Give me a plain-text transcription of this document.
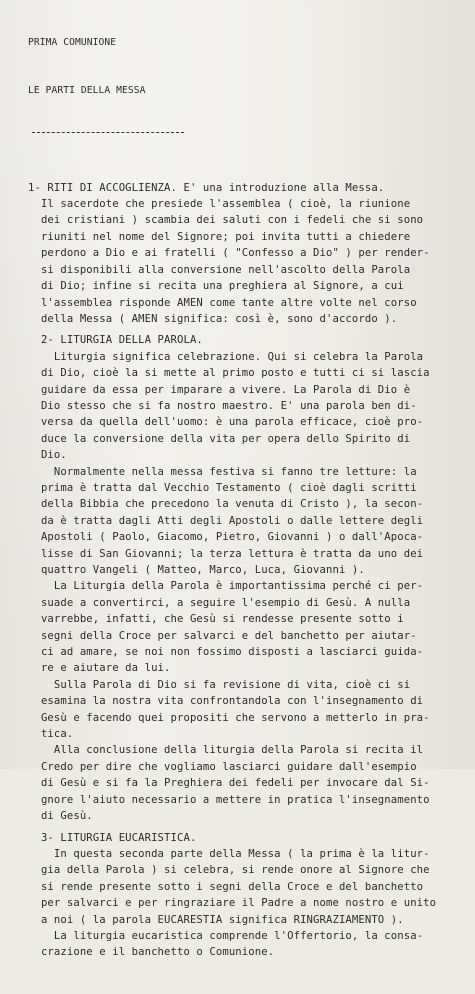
PRIMA COMUNIONE

LE PARTI DELLA MESSA

1- RITI DI ACCOGLIENZA. E' una introduzione alla Messa.
Il sacerdote che presiede l'assemblea ( cioè, la riunione
dei cristiani ) scambia dei saluti con i fedeli che si sono
riuniti nel nome del Signore; poi invita tutti a chiedere
perdono a Dio e ai fratelli ( "Confesso a Dio" ) per render-
si disponibili alla conversione nell'ascolto della Parola
di Dio; infine si recita una preghiera al Signore, a cui
l'assemblea risponde AMEN come tante altre volte nel corso
della Messa ( AMEN significa: così è, sono d'accordo ).
2- LITURGIA DELLA PAROLA.
Liturgia significa celebrazione. Qui si celebra la Parola
di Dio, cioè la si mette al primo posto e tutti ci si lascia
guidare da essa per imparare a vivere. La Parola di Dio è
Dio stesso che si fa nostro maestro. E' una parola ben di-
versa da quella dell'uomo: è una parola efficace, cioè pro-
duce la conversione della vita per opera dello Spirito di
Dio.
Normalmente nella messa festiva si fanno tre letture: la
prima è tratta dal Vecchio Testamento ( cioè dagli scritti
della Bibbia che precedono la venuta di Cristo ), la secon-
da è tratta dagli Atti degli Apostoli o dalle lettere degli
Apostoli ( Paolo, Giacomo, Pietro, Giovanni ) o dall'Apoca-
lisse di San Giovanni; la terza lettura è tratta da uno dei
quattro Vangeli ( Matteo, Marco, Luca, Giovanni ).
La Liturgia della Parola è importantissima perché ci per-
suade a convertirci, a seguire l'esempio di Gesù. A nulla
varrebbe, infatti, che Gesù si rendesse presente sotto i
segni della Croce per salvarci e del banchetto per aiutar-
ci ad amare, se noi non fossimo disposti a lasciarci guida-
re e aiutare da lui.
Sulla Parola di Dio si fa revisione di vita, cioè ci si
esamina la nostra vita confrontandola con l'insegnamento di
Gesù e facendo quei propositi che servono a metterlo in pra-
tica.
Alla conclusione della liturgia della Parola si recita il
Credo per dire che vogliamo lasciarci guidare dall'esempio
di Gesù e si fa la Preghiera dei fedeli per invocare dal Si-
gnore l'aiuto necessario a mettere in pratica l'insegnamento
di Gesù.
3- LITURGIA EUCARISTICA.
In questa seconda parte della Messa ( la prima è la litur-
gia della Parola ) si celebra, si rende onore al Signore che
si rende presente sotto i segni della Croce e del banchetto
per salvarci e per ringraziare il Padre a nome nostro e unito
a noi ( la parola EUCARESTIA significa RINGRAZIAMENTO ).
La liturgia eucaristica comprende l'Offertorio, la consa-
crazione e il banchetto o Comunione.
